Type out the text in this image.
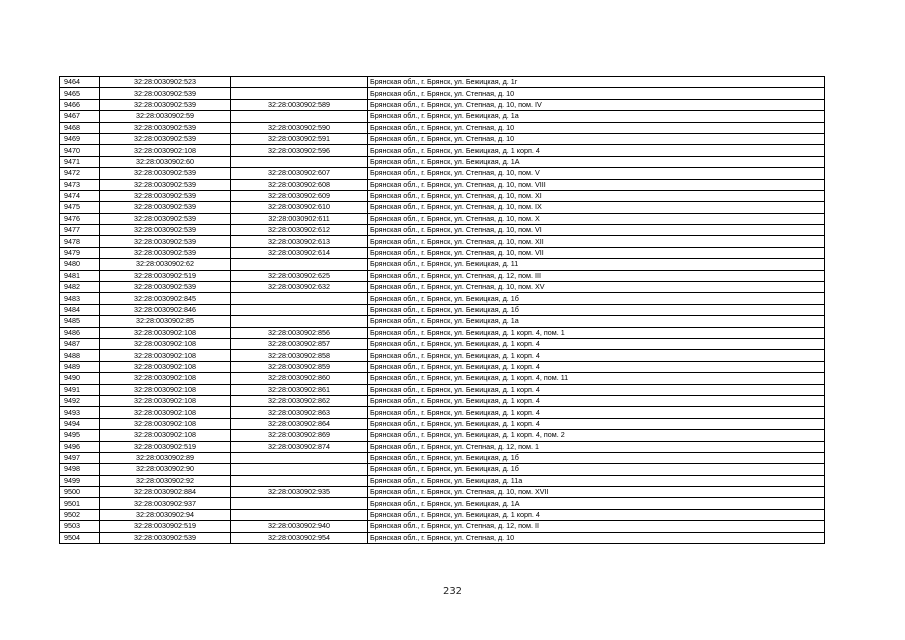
9464	32:28:0030902:523		Брянская обл., г. Брянск, ул. Бежицкая, д. 1г
9465	32:28:0030902:539		Брянская обл., г. Брянск, ул. Степная, д. 10
9466	32:28:0030902:539	32:28:0030902:589	Брянская обл., г. Брянск, ул. Степная, д. 10, пом. IV
9467	32:28:0030902:59		Брянская обл., г. Брянск, ул. Бежицкая, д. 1а
9468	32:28:0030902:539	32:28:0030902:590	Брянская обл., г. Брянск, ул. Степная, д. 10
9469	32:28:0030902:539	32:28:0030902:591	Брянская обл., г. Брянск, ул. Степная, д. 10
9470	32:28:0030902:108	32:28:0030902:596	Брянская обл., г. Брянск, ул. Бежицкая, д. 1 корп. 4
9471	32:28:0030902:60		Брянская обл., г. Брянск, ул. Бежицкая, д. 1А
9472	32:28:0030902:539	32:28:0030902:607	Брянская обл., г. Брянск, ул. Степная, д. 10, пом. V
9473	32:28:0030902:539	32:28:0030902:608	Брянская обл., г. Брянск, ул. Степная, д. 10, пом. VIII
9474	32:28:0030902:539	32:28:0030902:609	Брянская обл., г. Брянск, ул. Степная, д. 10, пом. XI
9475	32:28:0030902:539	32:28:0030902:610	Брянская обл., г. Брянск, ул. Степная, д. 10, пом. IX
9476	32:28:0030902:539	32:28:0030902:611	Брянская обл., г. Брянск, ул. Степная, д. 10, пом. X
9477	32:28:0030902:539	32:28:0030902:612	Брянская обл., г. Брянск, ул. Степная, д. 10, пом. VI
9478	32:28:0030902:539	32:28:0030902:613	Брянская обл., г. Брянск, ул. Степная, д. 10, пом. XII
9479	32:28:0030902:539	32:28:0030902:614	Брянская обл., г. Брянск, ул. Степная, д. 10, пом. VII
9480	32:28:0030902:62		Брянская обл., г. Брянск, ул. Бежицкая, д. 11
9481	32:28:0030902:519	32:28:0030902:625	Брянская обл., г. Брянск, ул. Степная, д. 12, пом. III
9482	32:28:0030902:539	32:28:0030902:632	Брянская обл., г. Брянск, ул. Степная, д. 10, пом. XV
9483	32:28:0030902:845		Брянская обл., г. Брянск, ул. Бежицкая, д. 1б
9484	32:28:0030902:846		Брянская обл., г. Брянск, ул. Бежицкая, д. 1б
9485	32:28:0030902:85		Брянская обл., г. Брянск, ул. Бежицкая, д. 1а
9486	32:28:0030902:108	32:28:0030902:856	Брянская обл., г. Брянск, ул. Бежицкая, д. 1 корп. 4, пом. 1
9487	32:28:0030902:108	32:28:0030902:857	Брянская обл., г. Брянск, ул. Бежицкая, д. 1 корп. 4
9488	32:28:0030902:108	32:28:0030902:858	Брянская обл., г. Брянск, ул. Бежицкая, д. 1 корп. 4
9489	32:28:0030902:108	32:28:0030902:859	Брянская обл., г. Брянск, ул. Бежицкая, д. 1 корп. 4
9490	32:28:0030902:108	32:28:0030902:860	Брянская обл., г. Брянск, ул. Бежицкая, д. 1 корп. 4, пом. 11
9491	32:28:0030902:108	32:28:0030902:861	Брянская обл., г. Брянск, ул. Бежицкая, д. 1 корп. 4
9492	32:28:0030902:108	32:28:0030902:862	Брянская обл., г. Брянск, ул. Бежицкая, д. 1 корп. 4
9493	32:28:0030902:108	32:28:0030902:863	Брянская обл., г. Брянск, ул. Бежицкая, д. 1 корп. 4
9494	32:28:0030902:108	32:28:0030902:864	Брянская обл., г. Брянск, ул. Бежицкая, д. 1 корп. 4
9495	32:28:0030902:108	32:28:0030902:869	Брянская обл., г. Брянск, ул. Бежицкая, д. 1 корп. 4, пом. 2
9496	32:28:0030902:519	32:28:0030902:874	Брянская обл., г. Брянск, ул. Степная, д. 12, пом. 1
9497	32:28:0030902:89		Брянская обл., г. Брянск, ул. Бежицкая, д. 1б
9498	32:28:0030902:90		Брянская обл., г. Брянск, ул. Бежицкая, д. 1б
9499	32:28:0030902:92		Брянская обл., г. Брянск, ул. Бежицкая, д. 11а
9500	32:28:0030902:884	32:28:0030902:935	Брянская обл., г. Брянск, ул. Степная, д. 10, пом. XVII
9501	32:28:0030902:937		Брянская обл., г. Брянск, ул. Бежицкая, д. 1А
9502	32:28:0030902:94		Брянская обл., г. Брянск, ул. Бежицкая, д. 1 корп. 4
9503	32:28:0030902:519	32:28:0030902:940	Брянская обл., г. Брянск, ул. Степная, д. 12, пом. II
9504	32:28:0030902:539	32:28:0030902:954	Брянская обл., г. Брянск, ул. Степная, д. 10
232
